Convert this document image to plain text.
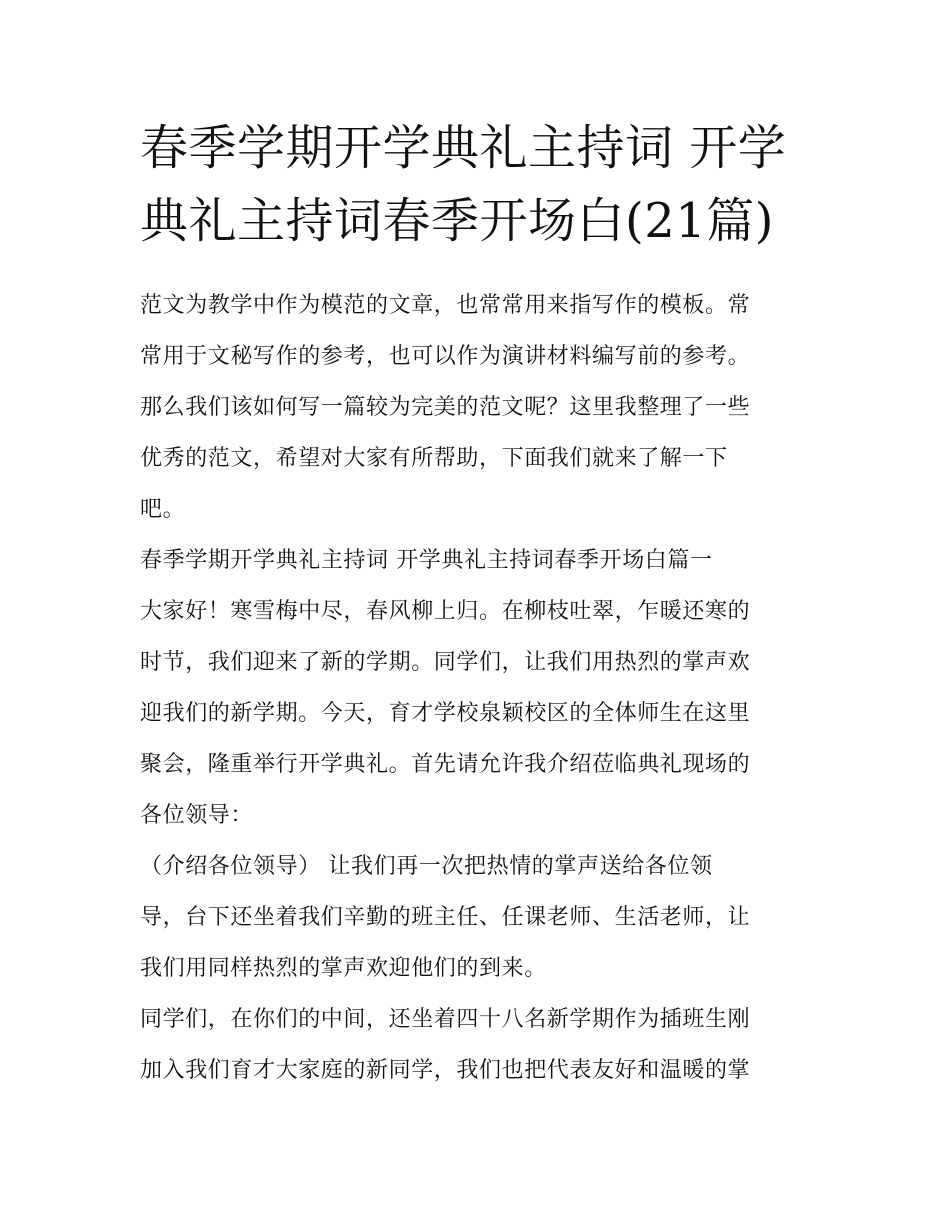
春季学期开学典礼主持词 开学
典礼主持词春季开场白(21篇)
范文为教学中作为模范的文章，也常常用来指写作的模板。常
常用于文秘写作的参考，也可以作为演讲材料编写前的参考。
那么我们该如何写一篇较为完美的范文呢？这里我整理了一些
优秀的范文，希望对大家有所帮助，下面我们就来了解一下
吧。
春季学期开学典礼主持词 开学典礼主持词春季开场白篇一
大家好！寒雪梅中尽，春风柳上归。在柳枝吐翠，乍暖还寒的
时节，我们迎来了新的学期。同学们，让我们用热烈的掌声欢
迎我们的新学期。今天，育才学校泉颖校区的全体师生在这里
聚会，隆重举行开学典礼。首先请允许我介绍莅临典礼现场的
各位领导：
（介绍各位领导） 让我们再一次把热情的掌声送给各位领
导，台下还坐着我们辛勤的班主任、任课老师、生活老师，让
我们用同样热烈的掌声欢迎他们的到来。
同学们，在你们的中间，还坐着四十八名新学期作为插班生刚
加入我们育才大家庭的新同学，我们也把代表友好和温暖的掌
